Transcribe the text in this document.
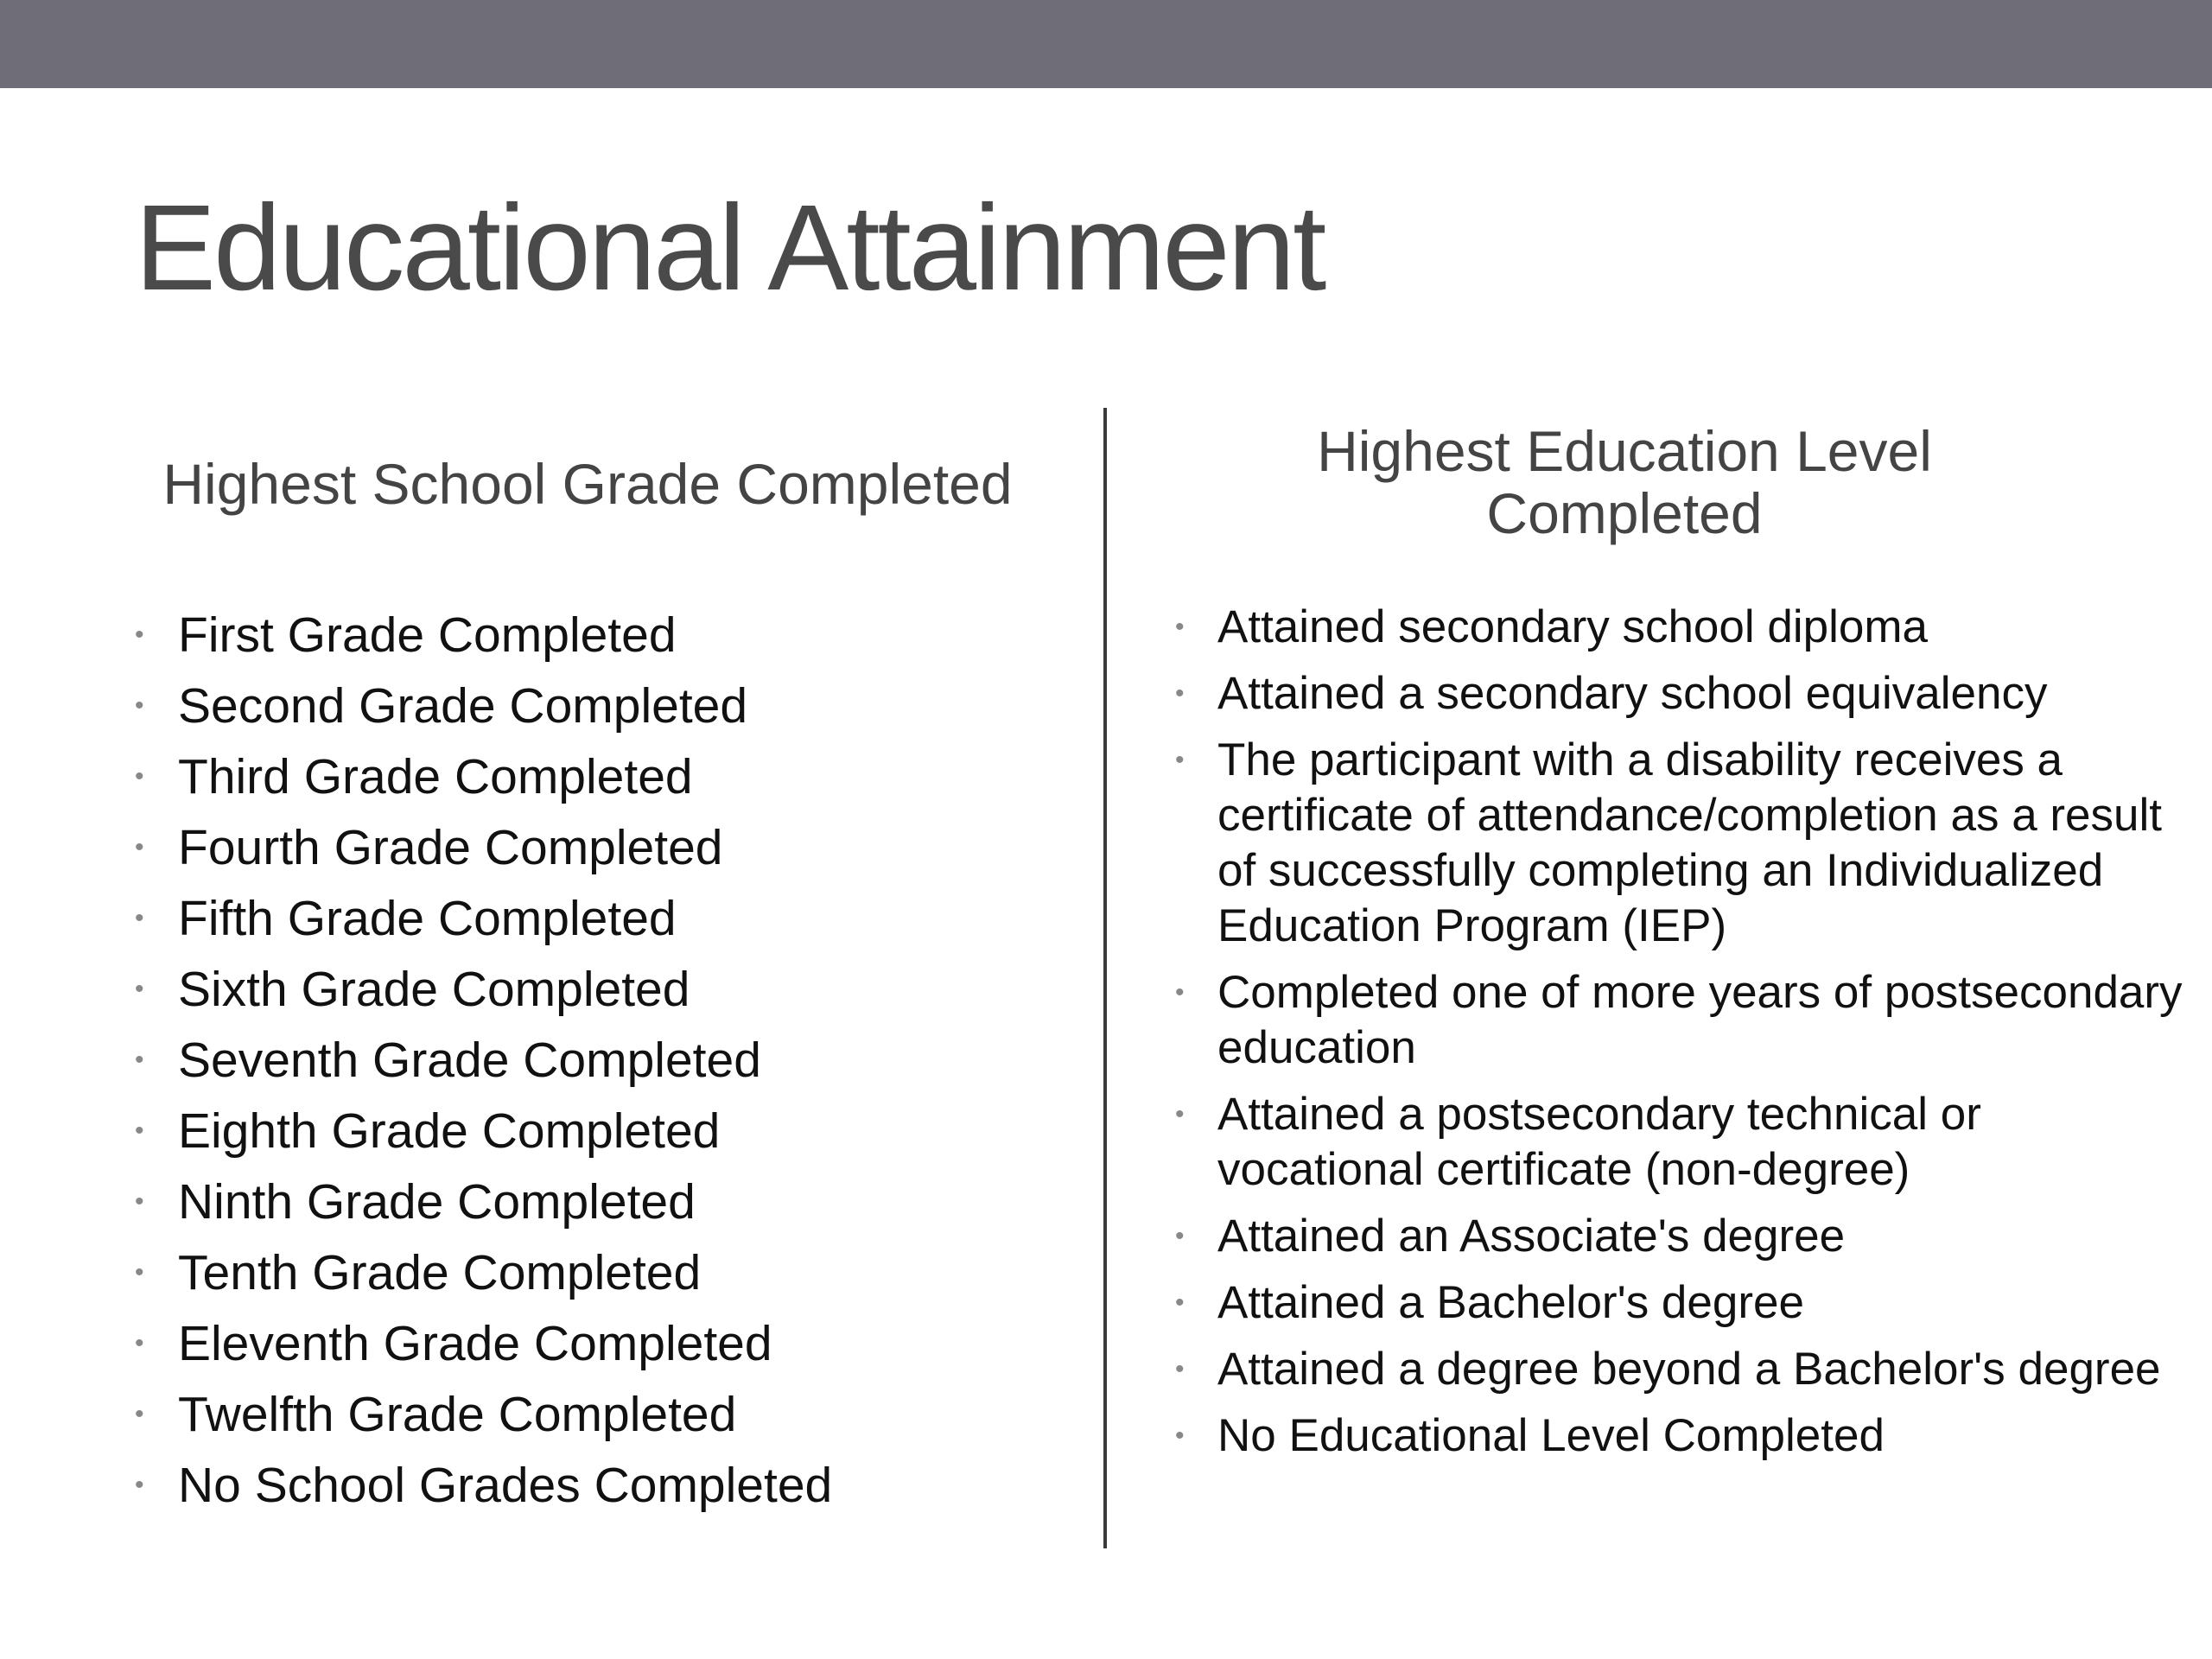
Educational Attainment
Highest School Grade Completed
Highest Education Level Completed
• First Grade Completed
• Second Grade Completed
• Third Grade Completed
• Fourth Grade Completed
• Fifth Grade Completed
• Sixth Grade Completed
• Seventh Grade Completed
• Eighth Grade Completed
• Ninth Grade Completed
• Tenth Grade Completed
• Eleventh Grade Completed
• Twelfth Grade Completed
• No School Grades Completed
• Attained secondary school diploma
• Attained a secondary school equivalency
• The participant with a disability receives a certificate of attendance/completion as a result of successfully completing an Individualized Education Program (IEP)
• Completed one of more years of postsecondary education
• Attained a postsecondary technical or vocational certificate (non-degree)
• Attained an Associate's degree
• Attained a Bachelor's degree
• Attained a degree beyond a Bachelor's degree
• No Educational Level Completed
